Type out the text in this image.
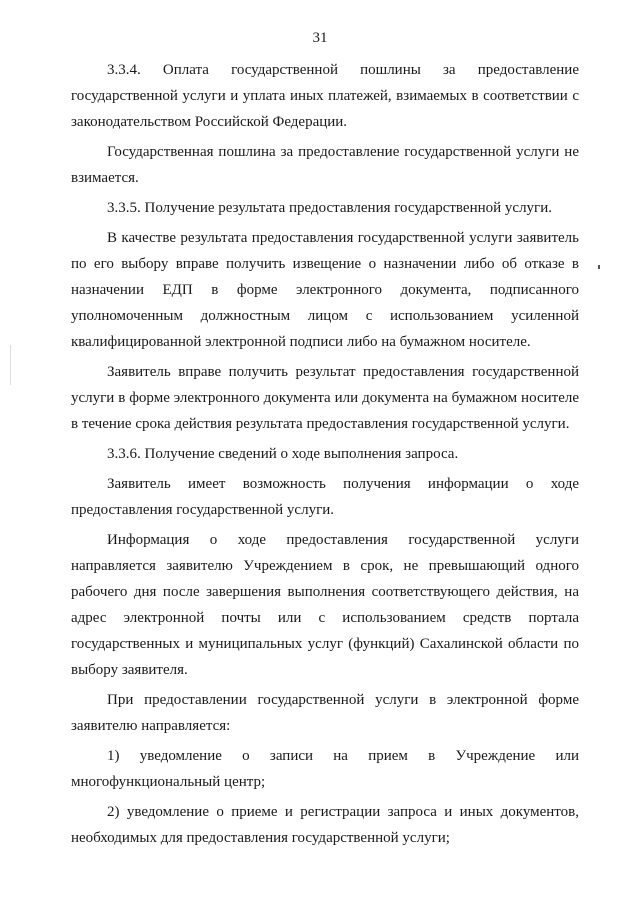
31

3.3.4. Оплата государственной пошлины за предоставление государственной услуги и уплата иных платежей, взимаемых в соответствии с законодательством Российской Федерации.

Государственная пошлина за предоставление государственной услуги не взимается.

3.3.5. Получение результата предоставления государственной услуги.

В качестве результата предоставления государственной услуги заявитель по его выбору вправе получить извещение о назначении либо об отказе в назначении ЕДП в форме электронного документа, подписанного уполномоченным должностным лицом с использованием усиленной квалифицированной электронной подписи либо на бумажном носителе.

Заявитель вправе получить результат предоставления государственной услуги в форме электронного документа или документа на бумажном носителе в течение срока действия результата предоставления государственной услуги.

3.3.6. Получение сведений о ходе выполнения запроса.

Заявитель имеет возможность получения информации о ходе предоставления государственной услуги.

Информация о ходе предоставления государственной услуги направляется заявителю Учреждением в срок, не превышающий одного рабочего дня после завершения выполнения соответствующего действия, на адрес электронной почты или с использованием средств портала государственных и муниципальных услуг (функций) Сахалинской области по выбору заявителя.

При предоставлении государственной услуги в электронной форме заявителю направляется:

1) уведомление о записи на прием в Учреждение или многофункциональный центр;

2) уведомление о приеме и регистрации запроса и иных документов, необходимых для предоставления государственной услуги;
